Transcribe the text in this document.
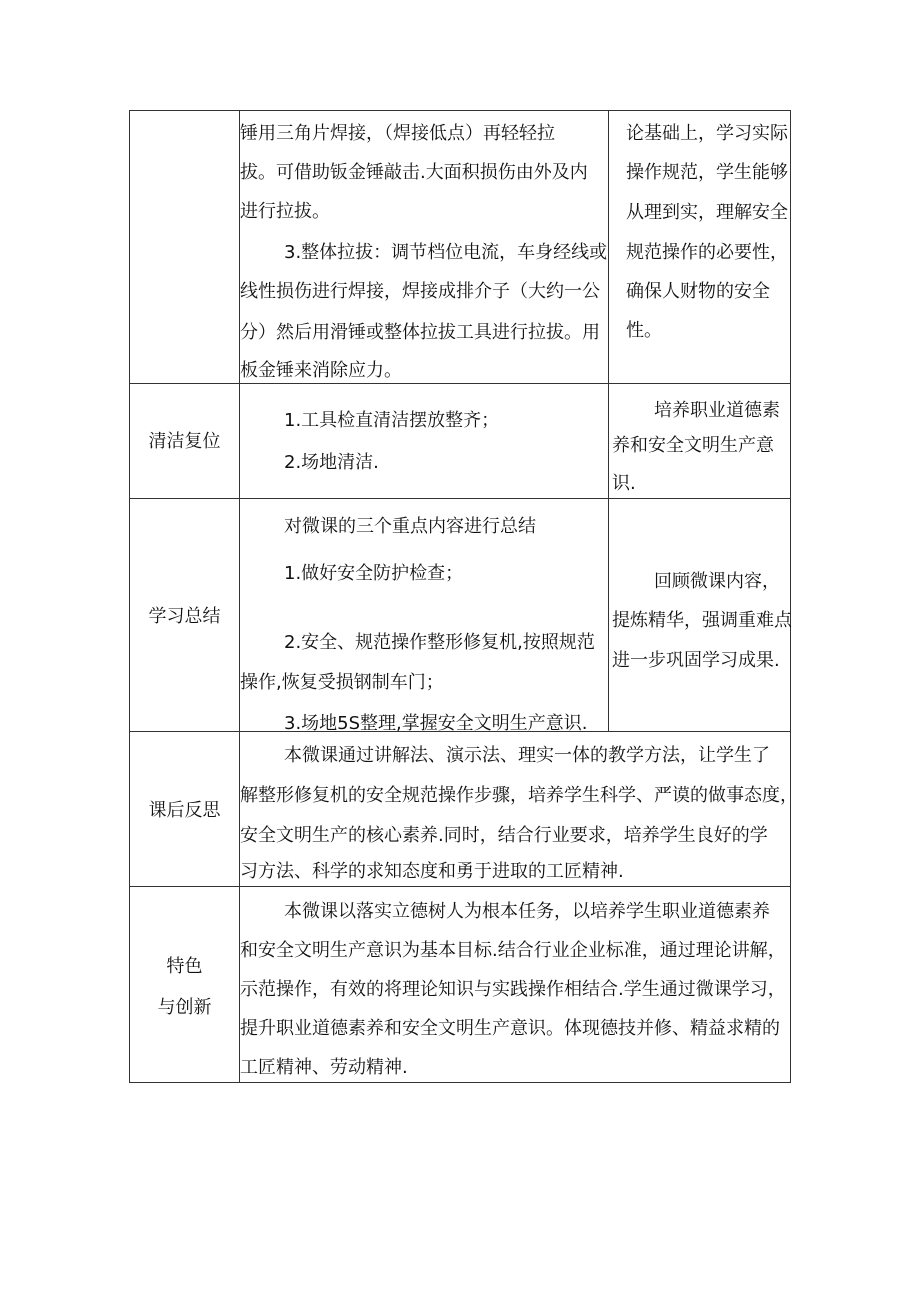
锤用三角片焊接，（焊接低点）再轻轻拉
拔。可借助钣金锤敲击.大面积损伤由外及内
进行拉拔。
3.整体拉拔：调节档位电流，车身经线或
线性损伤进行焊接，焊接成排介子（大约一公
分）然后用滑锤或整体拉拔工具进行拉拔。用
板金锤来消除应力。
论基础上，学习实际
操作规范，学生能够
从理到实，理解安全
规范操作的必要性，
确保人财物的安全
性。
清洁复位
1.工具检直清洁摆放整齐；
2.场地清洁.
培养职业道德素
养和安全文明生产意
识.
学习总结
对微课的三个重点内容进行总结
1.做好安全防护检查；
2.安全、规范操作整形修复机,按照规范
操作,恢复受损钢制车门；
3.场地5S整理,掌握安全文明生产意识.
回顾微课内容，
提炼精华，强调重难点
进一步巩固学习成果.
课后反思
本微课通过讲解法、演示法、理实一体的教学方法，让学生了
解整形修复机的安全规范操作步骤，培养学生科学、严谟的做事态度，
安全文明生产的核心素养.同时，结合行业要求，培养学生良好的学
习方法、科学的求知态度和勇于进取的工匠精神.
特色
与创新
本微课以落实立德树人为根本任务，以培养学生职业道德素养
和安全文明生产意识为基本目标.结合行业企业标准，通过理论讲解，
示范操作，有效的将理论知识与实践操作相结合.学生通过微课学习，
提升职业道德素养和安全文明生产意识。体现德技并修、精益求精的
工匠精神、劳动精神.
